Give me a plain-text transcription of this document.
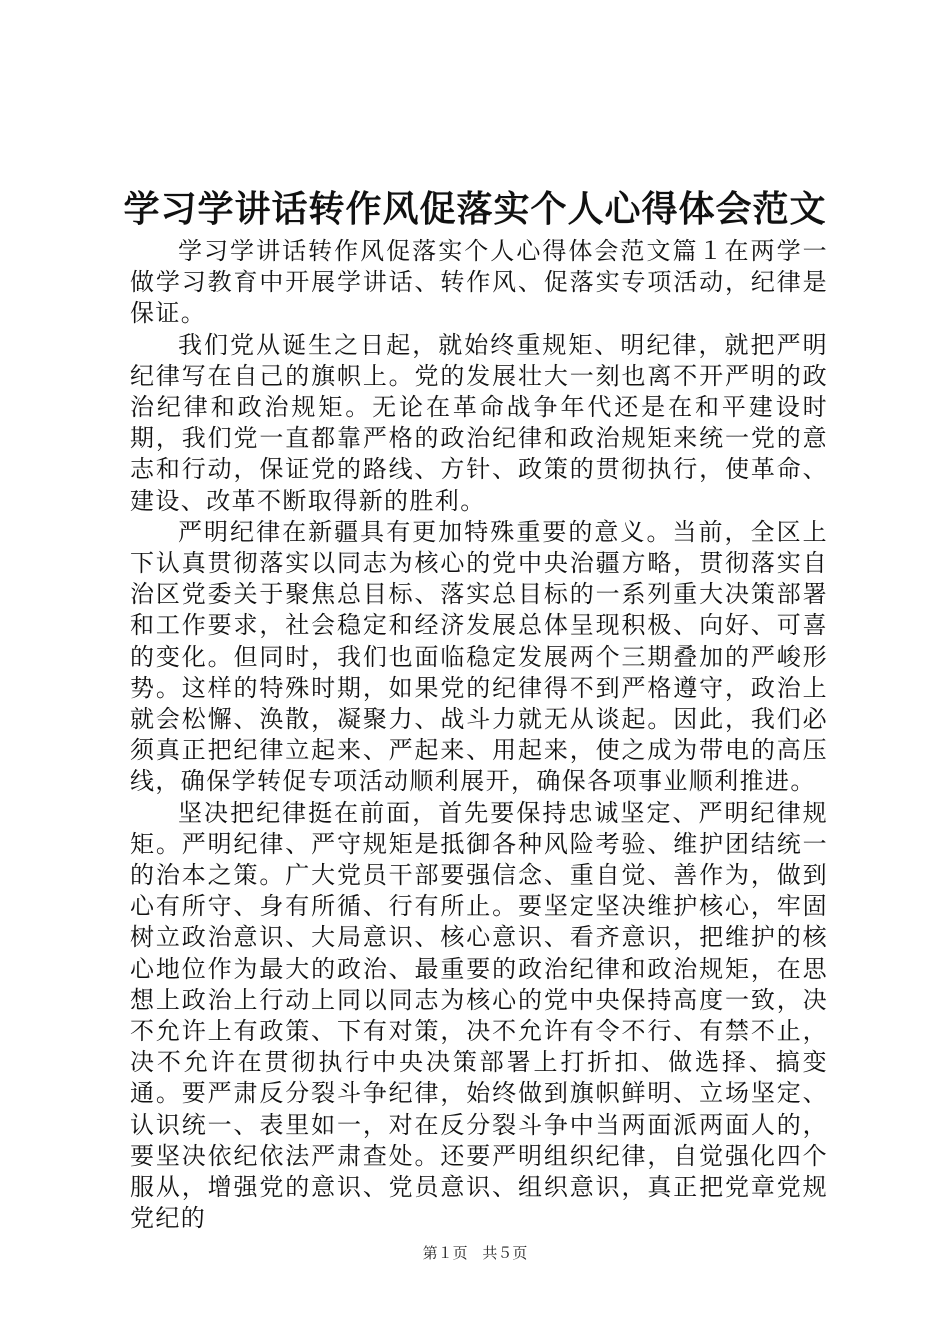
学习学讲话转作风促落实个人心得体会范文

学习学讲话转作风促落实个人心得体会范文篇１在两学一做学习教育中开展学讲话、转作风、促落实专项活动，纪律是保证。

我们党从诞生之日起，就始终重规矩、明纪律，就把严明纪律写在自己的旗帜上。党的发展壮大一刻也离不开严明的政治纪律和政治规矩。无论在革命战争年代还是在和平建设时期，我们党一直都靠严格的政治纪律和政治规矩来统一党的意志和行动，保证党的路线、方针、政策的贯彻执行，使革命、建设、改革不断取得新的胜利。

严明纪律在新疆具有更加特殊重要的意义。当前，全区上下认真贯彻落实以同志为核心的党中央治疆方略，贯彻落实自治区党委关于聚焦总目标、落实总目标的一系列重大决策部署和工作要求，社会稳定和经济发展总体呈现积极、向好、可喜的变化。但同时，我们也面临稳定发展两个三期叠加的严峻形势。这样的特殊时期，如果党的纪律得不到严格遵守，政治上就会松懈、涣散，凝聚力、战斗力就无从谈起。因此，我们必须真正把纪律立起来、严起来、用起来，使之成为带电的高压线，确保学转促专项活动顺利展开，确保各项事业顺利推进。

坚决把纪律挺在前面，首先要保持忠诚坚定、严明纪律规矩。严明纪律、严守规矩是抵御各种风险考验、维护团结统一的治本之策。广大党员干部要强信念、重自觉、善作为，做到心有所守、身有所循、行有所止。要坚定坚决维护核心，牢固树立政治意识、大局意识、核心意识、看齐意识，把维护的核心地位作为最大的政治、最重要的政治纪律和政治规矩，在思想上政治上行动上同以同志为核心的党中央保持高度一致，决不允许上有政策、下有对策，决不允许有令不行、有禁不止，决不允许在贯彻执行中央决策部署上打折扣、做选择、搞变通。要严肃反分裂斗争纪律，始终做到旗帜鲜明、立场坚定、认识统一、表里如一，对在反分裂斗争中当两面派两面人的，要坚决依纪依法严肃查处。还要严明组织纪律，自觉强化四个服从，增强党的意识、党员意识、组织意识，真正把党章党规党纪的

第１页 共５页
